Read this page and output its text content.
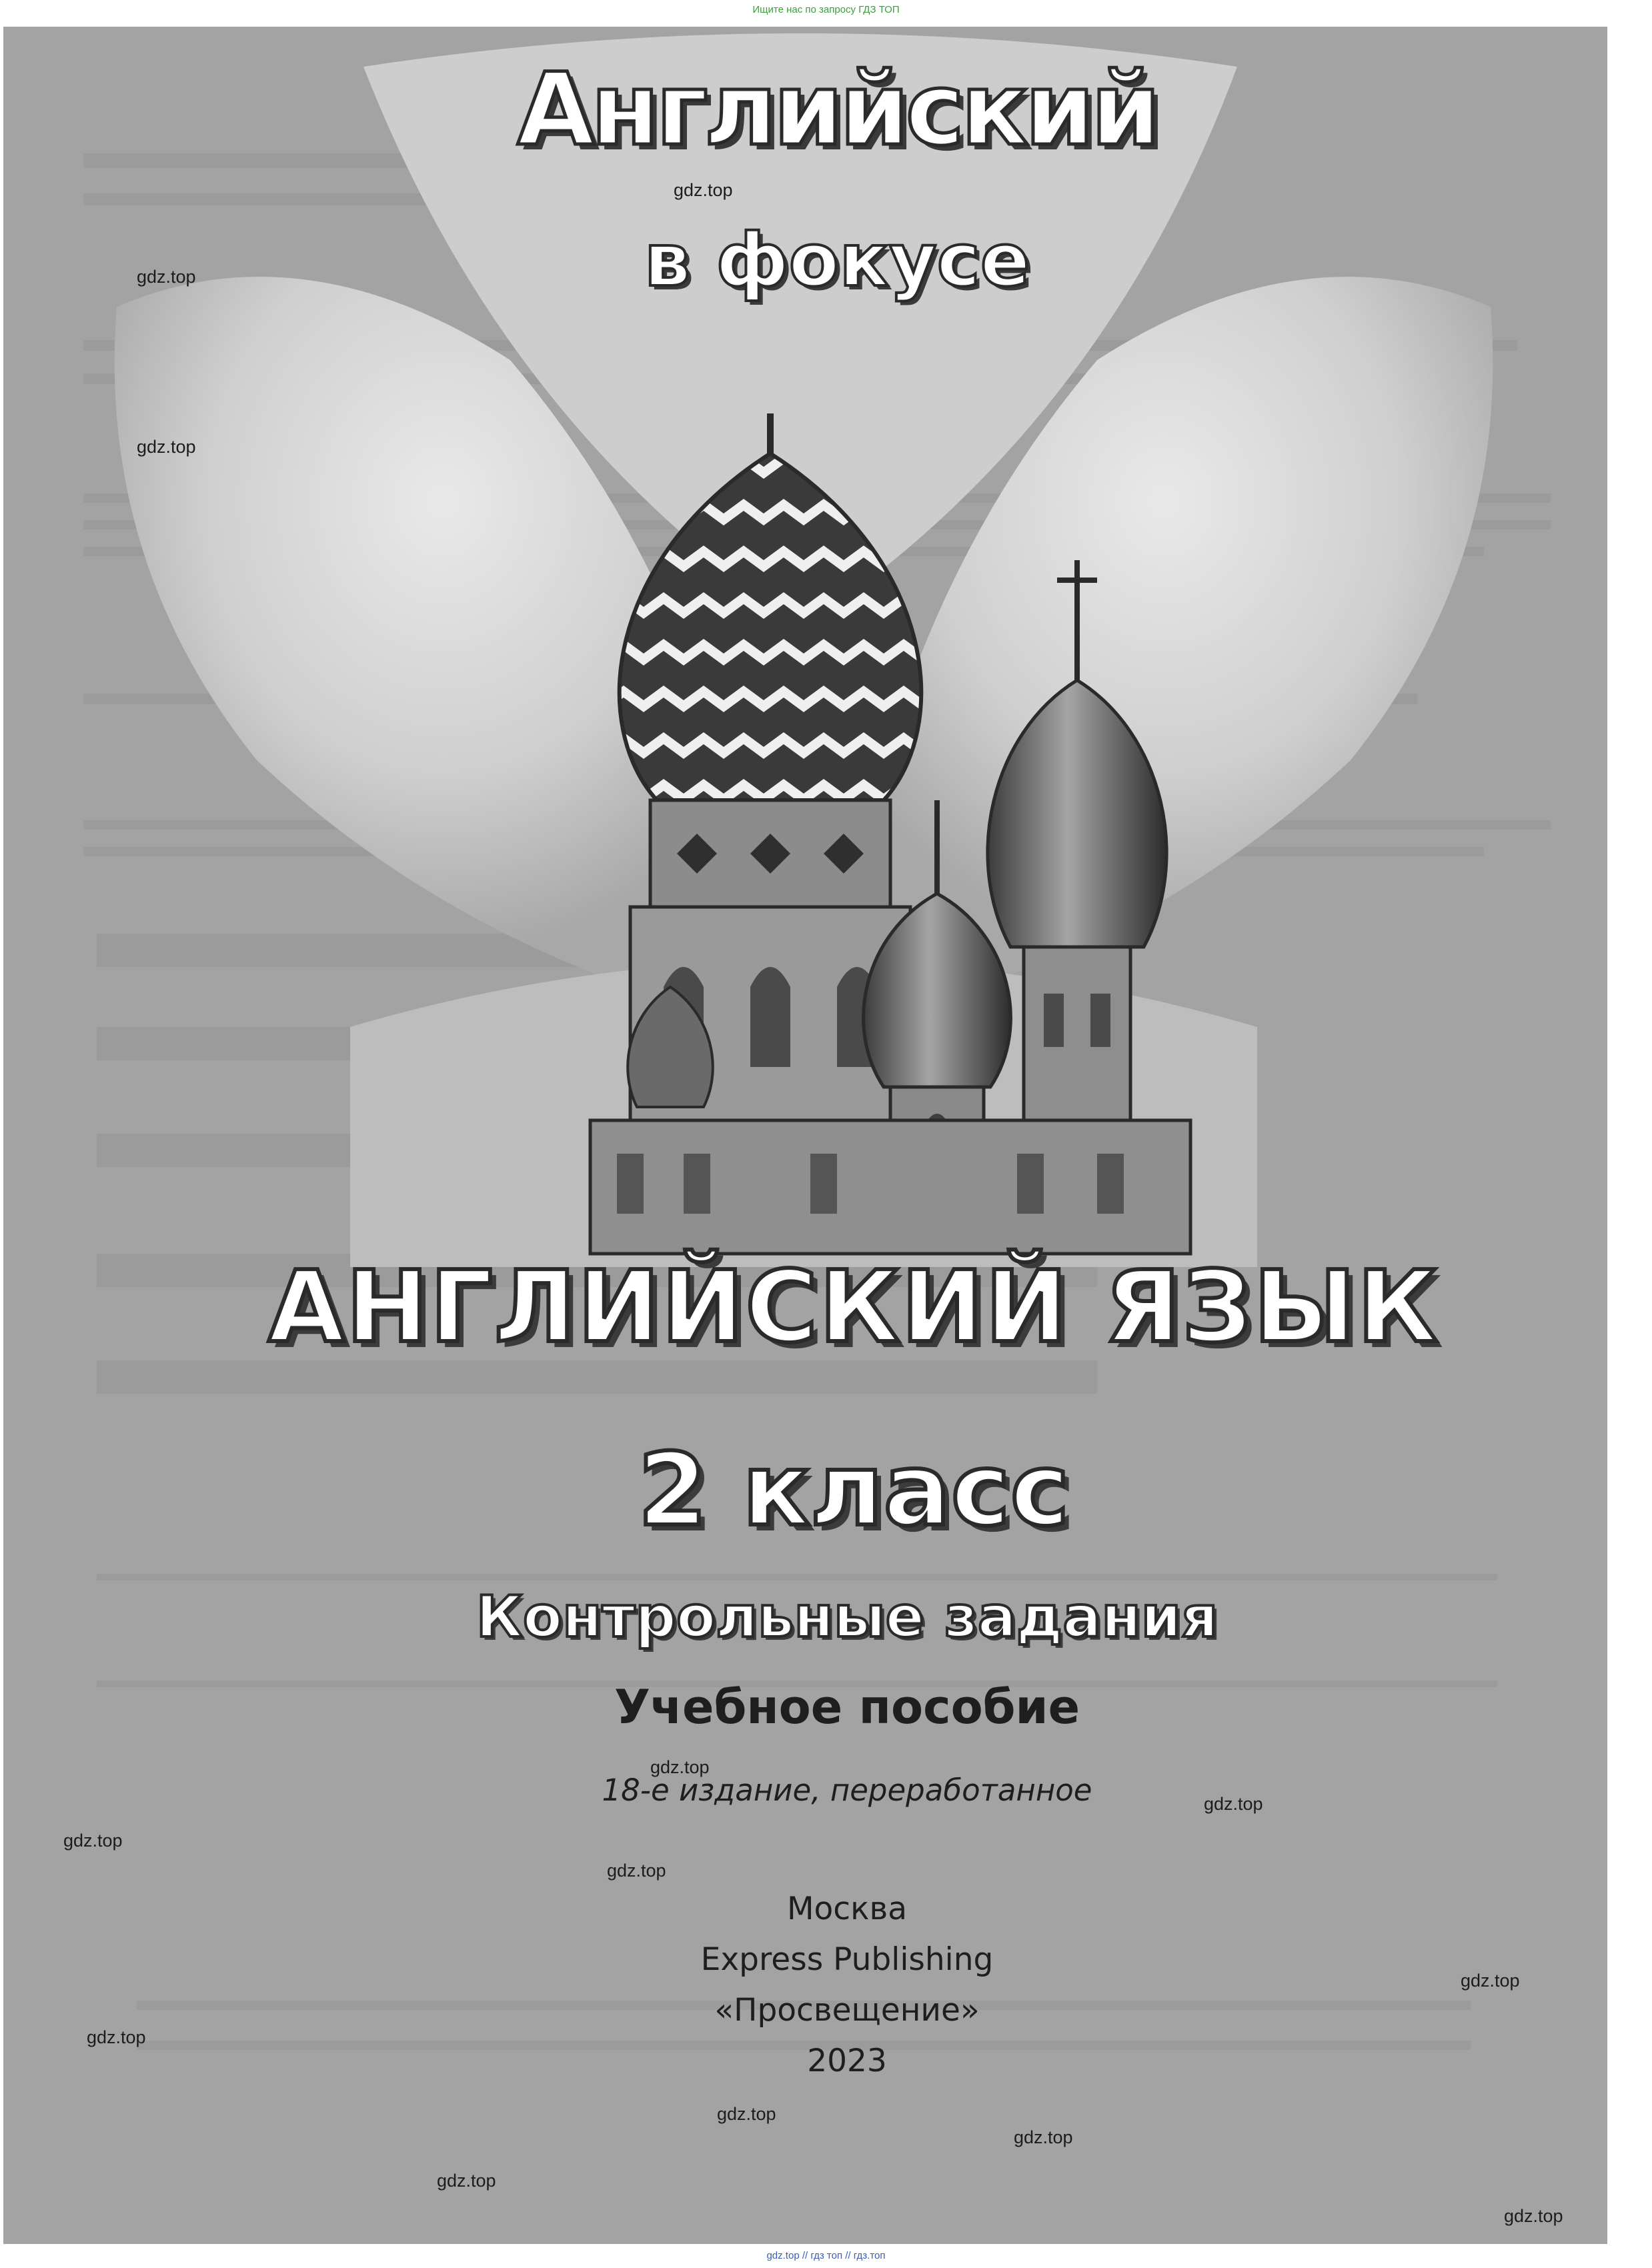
Ищите нас по запросу ГДЗ ТОП
Английский
в фокусе
АНГЛИЙСКИЙ ЯЗЫК
2 класс
Контрольные задания
Учебное пособие
18-е издание, переработанное
Москва
Express Publishing
«Просвещение»
2023
gdz.top
gdz.top
gdz.top
gdz.top
gdz.top
gdz.top
gdz.top
gdz.top
gdz.top
gdz.top
gdz.top
gdz.top
gdz.top
gdz.top // гдз топ // гдз.топ
